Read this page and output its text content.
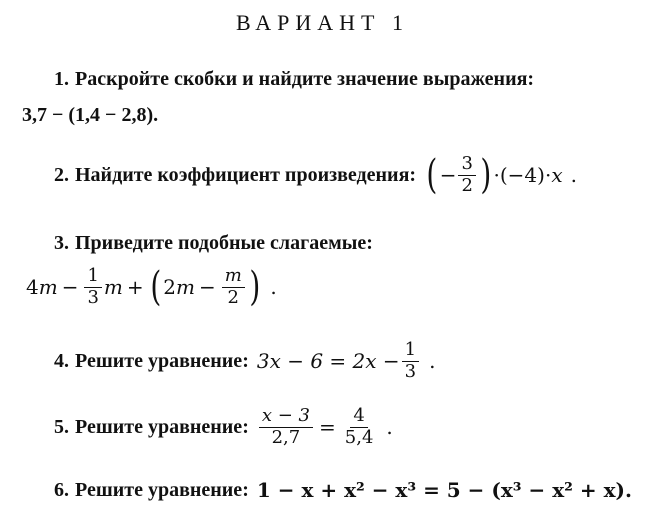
ВАРИАНТ 1
1. Раскройте скобки и найдите значение выражения:
3,7 − (1,4 − 2,8).
2. Найдите коэффициент произведения: ( − $\frac{3}{2}$ ) ·(−4)· x .
3. Приведите подобные слагаемые:
4 $m - \frac{1}{3}$ m + ( 2 $m - \frac{m}{2}$ ) .
4. Решите уравнение: $3x - 6 = 2x - \frac{1}{3}$ .
5. Решите уравнение: $\frac{x - 3}{2,7} = \frac{4}{5,4}$ .
6. Решите уравнение: 1 − x + x² − x³ = 5 − (x³ − x² + x).
